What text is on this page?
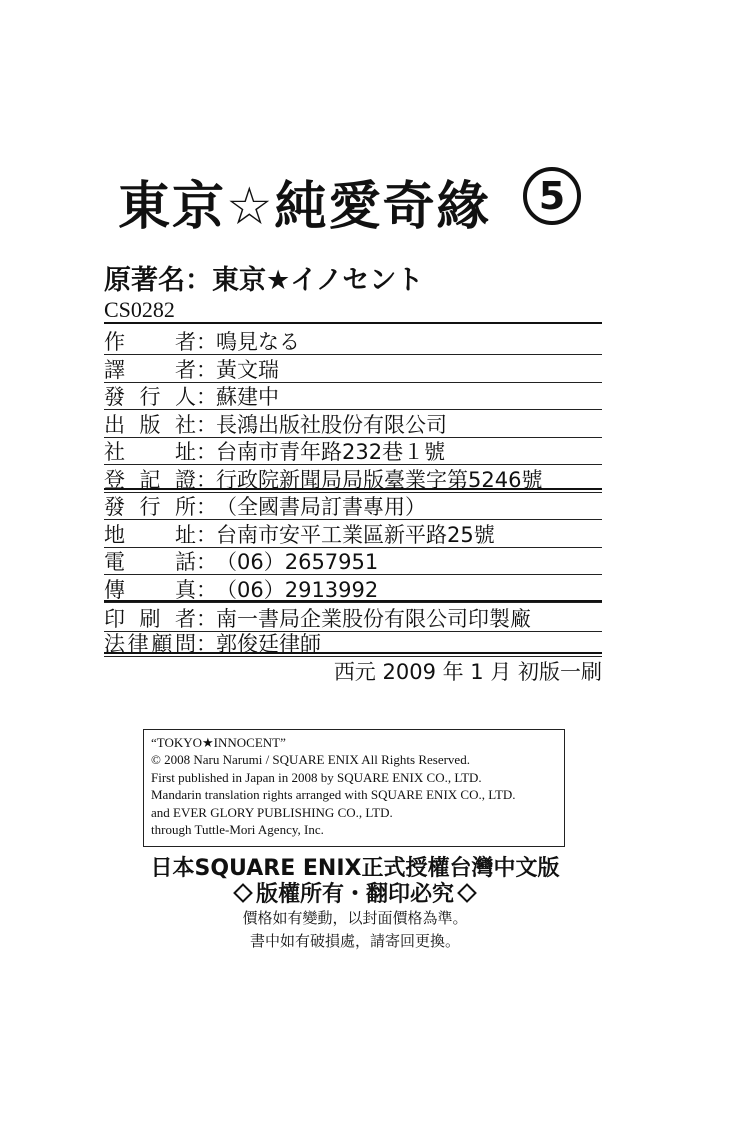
東京☆純愛奇緣	5
原著名：東京★イノセント
CS0282
作 者 ： 鳴見なる
譯 者 ： 黃文瑞
發 行 人 ： 蘇建中
出 版 社 ： 長鴻出版社股份有限公司
社 址 ： 台南市青年路232巷１號
登 記 證 ： 行政院新聞局局版臺業字第5246號
發 行 所 ： （全國書局訂書專用）
地 址 ： 台南市安平工業區新平路25號
電 話 ： （06）2657951
傳 真 ： （06）2913992
印 刷 者 ： 南一書局企業股份有限公司印製廠
法 律 顧 問 ： 郭俊廷律師
西元 2009 年 1 月 初版一刷
“TOKYO★INNOCENT”
© 2008 Naru Narumi / SQUARE ENIX All Rights Reserved.
First published in Japan in 2008 by SQUARE ENIX CO., LTD.
Mandarin translation rights arranged with SQUARE ENIX CO., LTD.
and EVER GLORY PUBLISHING CO., LTD.
through Tuttle-Mori Agency, Inc.
日本SQUARE ENIX正式授權台灣中文版
版權所有・翻印必究
價格如有變動，以封面價格為準。
書中如有破損處，請寄回更換。
